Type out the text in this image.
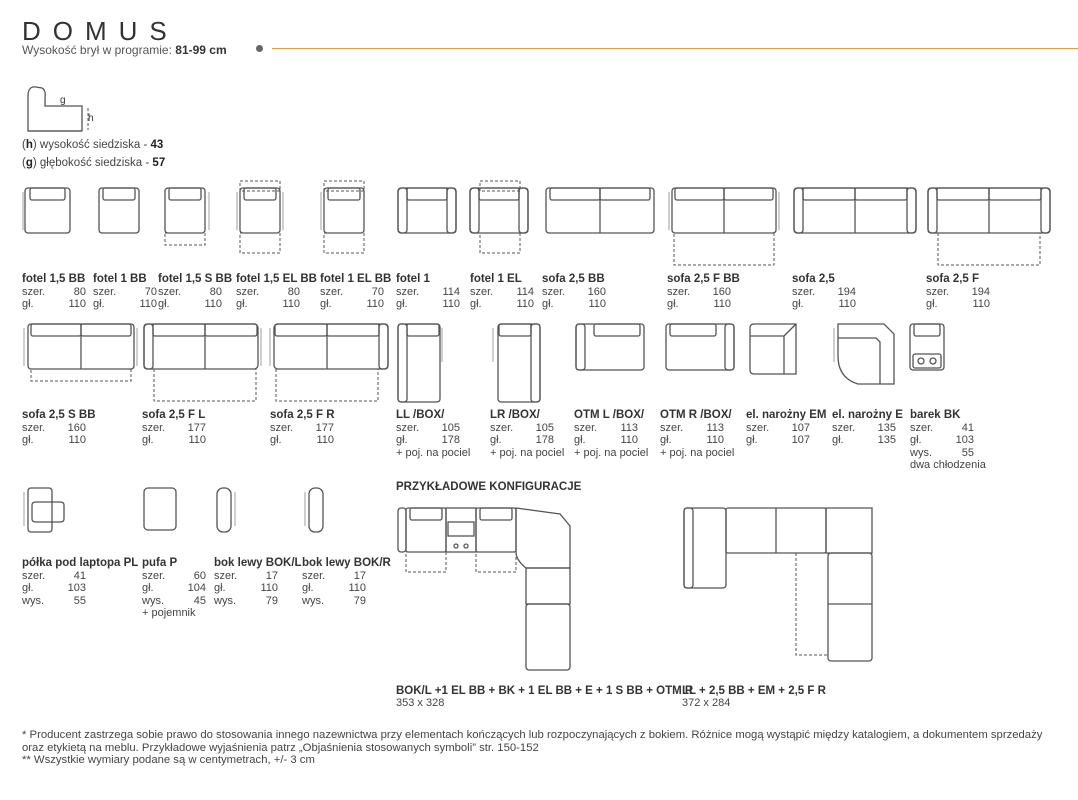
DOMUS
Wysokość brył w programie: 81-99 cm
g
h
(h) wysokość siedziska - 43
(g) głębokość siedziska - 57
PRZYKŁADOWE KONFIGURACJE
BOK/L +1 EL BB + BK + 1 EL BB + E + 1 S BB + OTM R
353 x 328
LL + 2,5 BB + EM + 2,5 F R
372 x 284
fotel 1,5 BB
szer.	80
gł.	110
fotel 1 BB
szer.	70
gł.	110
fotel 1,5 S BB
szer.	80
gł.	110
fotel 1,5 EL BB
szer.	80
gł.	110
fotel 1 EL BB
szer.	70
gł.	110
fotel 1
szer.	114
gł.	110
fotel 1 EL
szer.	114
gł.	110
sofa 2,5 BB
szer.	160
gł.	110
sofa 2,5 F BB
szer.	160
gł.	110
sofa 2,5
szer.	194
gł.	110
sofa 2,5 F
szer.	194
gł.	110
sofa 2,5 S BB
szer.	160
gł.	110
sofa 2,5 F L
szer.	177
gł.	110
sofa 2,5 F R
szer.	177
gł.	110
LL /BOX/
szer.	105
gł.	178
+ poj. na pociel
LR /BOX/
szer.	105
gł.	178
+ poj. na pociel
OTM L /BOX/
szer.	113
gł.	110
+ poj. na pociel
OTM R /BOX/
szer.	113
gł.	110
+ poj. na pociel
el. narożny EM
szer.	107
gł.	107
el. narożny E
szer.	135
gł.	135
barek BK
szer.	41
gł.	103
wys.	55
dwa chłodzenia
półka pod laptopa PL
szer.	41
gł.	103
wys.	55
pufa P
szer.	60
gł.	104
wys.	45
+ pojemnik
bok lewy BOK/L
szer.	17
gł.	110
wys.	79
bok lewy BOK/R
szer.	17
gł.	110
wys.	79
* Producent zastrzega sobie prawo do stosowania innego nazewnictwa przy elementach kończących lub rozpoczynających z bokiem. Różnice mogą wystąpić między katalogiem, a dokumentem sprzedaży oraz etykietą na meblu. Przykładowe wyjaśnienia patrz „Objaśnienia stosowanych symboli” str. 150-152
** Wszystkie wymiary podane są w centymetrach, +/- 3 cm
